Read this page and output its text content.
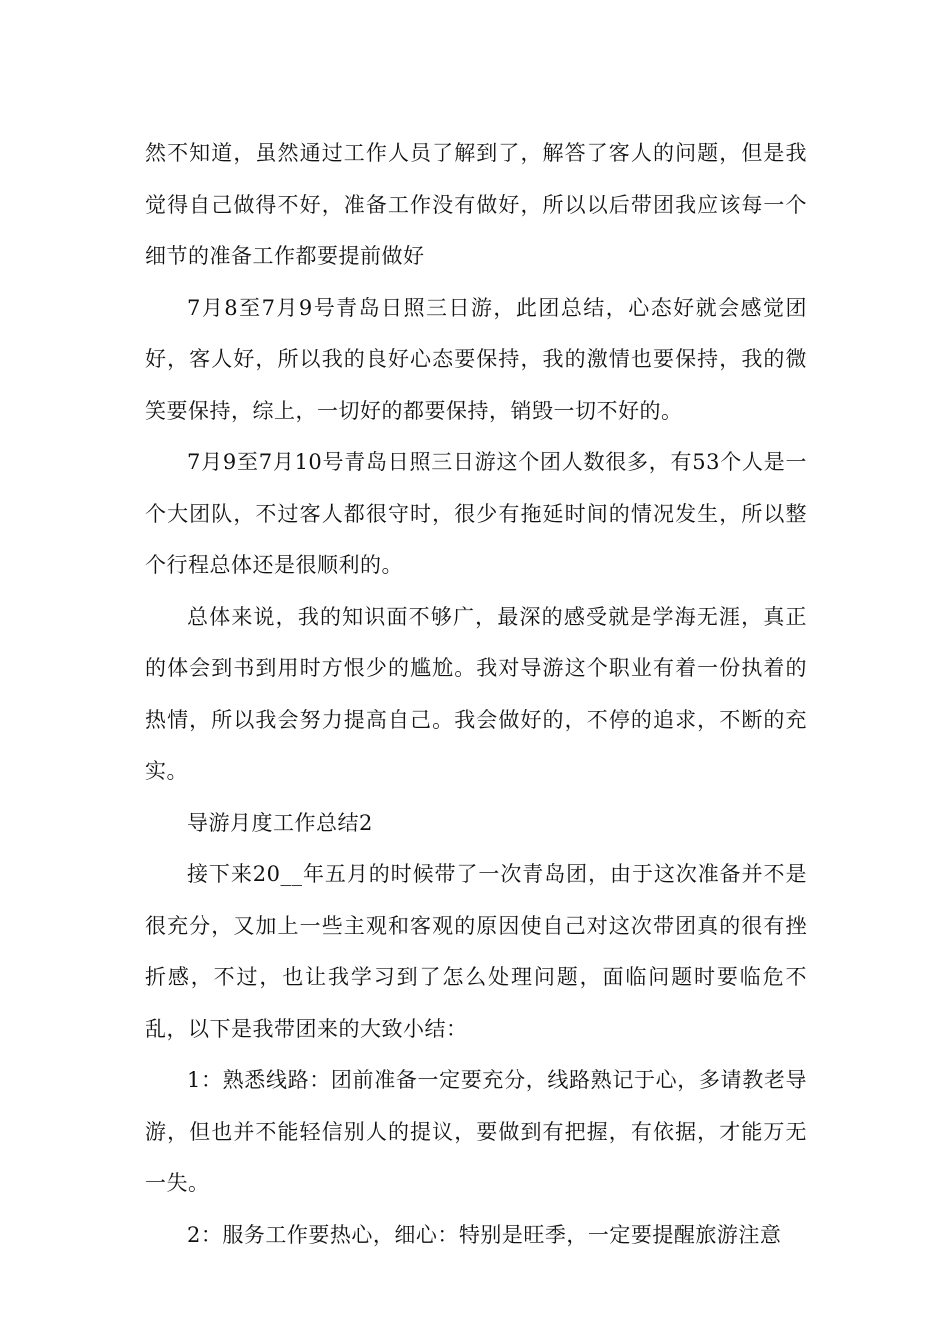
然不知道，虽然通过工作人员了解到了，解答了客人的问题，但是我觉得自己做得不好，准备工作没有做好，所以以后带团我应该每一个细节的准备工作都要提前做好

7月8至7月9号青岛日照三日游，此团总结，心态好就会感觉团好，客人好，所以我的良好心态要保持，我的激情也要保持，我的微笑要保持，综上，一切好的都要保持，销毁一切不好的。

7月9至7月10号青岛日照三日游这个团人数很多，有53个人是一个大团队，不过客人都很守时，很少有拖延时间的情况发生，所以整个行程总体还是很顺利的。

总体来说，我的知识面不够广，最深的感受就是学海无涯，真正的体会到书到用时方恨少的尴尬。我对导游这个职业有着一份执着的热情，所以我会努力提高自己。我会做好的，不停的追求，不断的充实。

导游月度工作总结2

接下来20__年五月的时候带了一次青岛团，由于这次准备并不是很充分，又加上一些主观和客观的原因使自己对这次带团真的很有挫折感，不过，也让我学习到了怎么处理问题，面临问题时要临危不乱，以下是我带团来的大致小结：

1：熟悉线路：团前准备一定要充分，线路熟记于心，多请教老导游，但也并不能轻信别人的提议，要做到有把握，有依据，才能万无一失。

2：服务工作要热心，细心：特别是旺季，一定要提醒旅游注意
